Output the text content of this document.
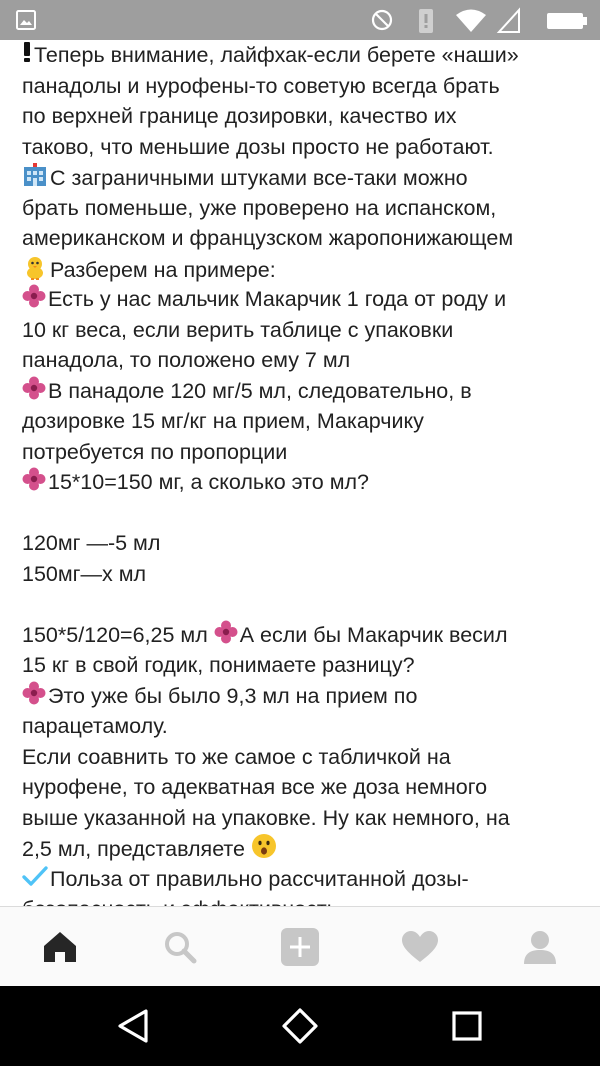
Теперь внимание, лайфхак-если берете «наши»
панадолы и нурофены-то советую всегда брать
по верхней границе дозировки, качество их
таково, что меньшие дозы просто не работают.
С заграничными штуками все-таки можно
брать поменьше, уже проверено на испанском,
американском и французском жаропонижающем
Разберем на примере:
Есть у нас мальчик Макарчик 1 года от роду и
10 кг веса, если верить таблице с упаковки
панадола, то положено ему 7 мл
В панадоле 120 мг/5 мл, следовательно, в
дозировке 15 мг/кг на прием, Макарчику
потребуется по пропорции
15*10=150 мг, а сколько это мл?
120мг —-5 мл
150мг—х мл
150*5/120=6,25 мл А если бы Макарчик весил
15 кг в свой годик, понимаете разницу?
Это уже бы было 9,3 мл на прием по
парацетамолу.
Если соавнить то же самое с табличкой на
нурофене, то адекватная все же доза немного
выше указанной на упаковке. Ну как немного, на
2,5 мл, представляете
Польза от правильно рассчитанной дозы-
